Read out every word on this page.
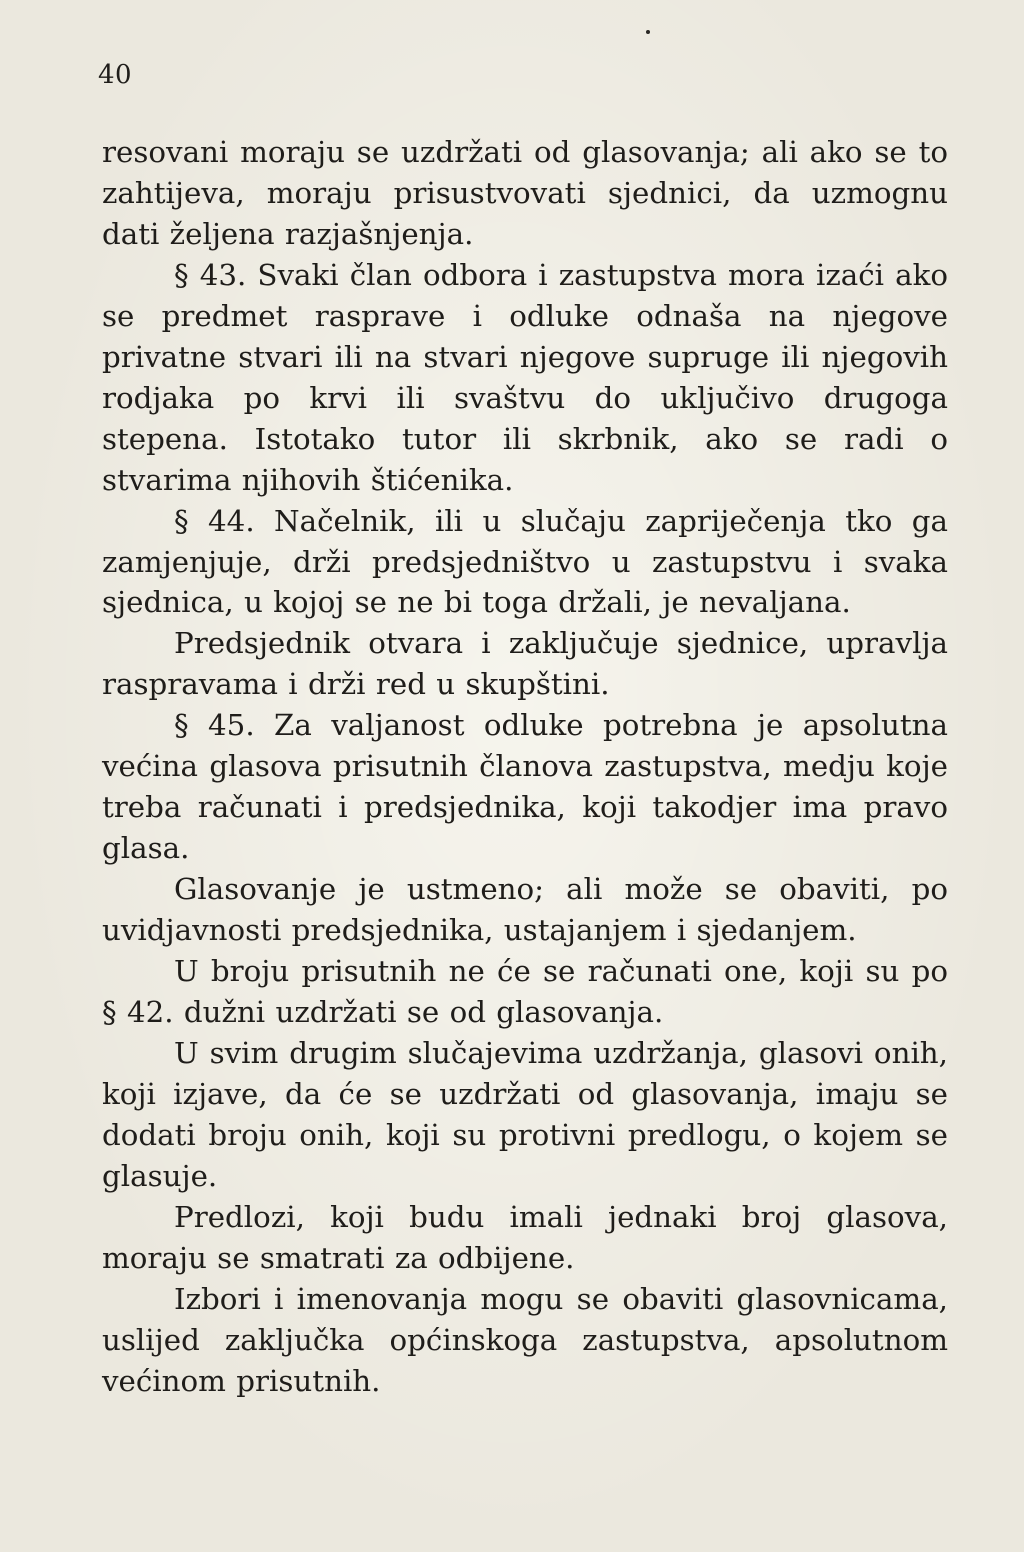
40

resovani moraju se uzdržati od glasovanja; ali ako se to zahtijeva, moraju prisustvovati sjednici, da uzmognu dati željena razjašnjenja.

§ 43. Svaki član odbora i zastupstva mora izaći ako se predmet rasprave i odluke odnaša na njegove privatne stvari ili na stvari njegove supruge ili njegovih rodjaka po krvi ili svaštvu do uključivo drugoga stepena. Istotako tutor ili skrbnik, ako se radi o stvarima njihovih štićenika.

§ 44. Načelnik, ili u slučaju zapriječenja tko ga zamjenjuje, drži predsjedništvo u zastupstvu i svaka sjednica, u kojoj se ne bi toga držali, je nevaljana.

Predsjednik otvara i zaključuje sjednice, upravlja raspravama i drži red u skupštini.

§ 45. Za valjanost odluke potrebna je apsolutna većina glasova prisutnih članova zastupstva, medju koje treba računati i predsjednika, koji takodjer ima pravo glasa.

Glasovanje je ustmeno; ali može se obaviti, po uvidjavnosti predsjednika, ustajanjem i sjedanjem.

U broju prisutnih ne će se računati one, koji su po § 42. dužni uzdržati se od glasovanja.

U svim drugim slučajevima uzdržanja, glasovi onih, koji izjave, da će se uzdržati od glasovanja, imaju se dodati broju onih, koji su protivni predlogu, o kojem se glasuje.

Predlozi, koji budu imali jednaki broj glasova, moraju se smatrati za odbijene.

Izbori i imenovanja mogu se obaviti glasovnicama, uslijed zaključka općinskoga zastupstva, apsolutnom većinom prisutnih.
